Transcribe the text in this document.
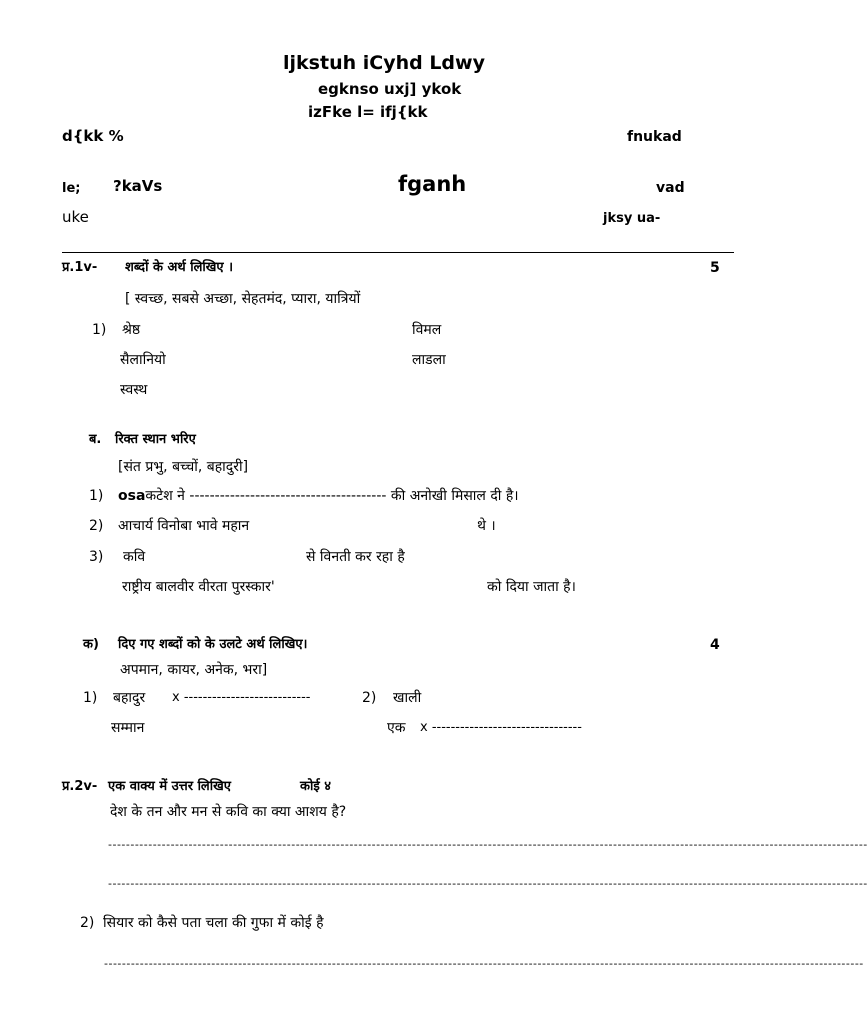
ljkstuh iCyhd Ldwy
egknso uxj] ykok
izFke l= ifj{kk
d{kk %	fnukad
le; ?kaVs	fganh	vad
uke	jksy ua-
प्र.1v- शब्दों के अर्थ लिखिए ।	5
[ स्वच्छ, सबसे अच्छा, सेहतमंद, प्यारा, यात्रियों
1) श्रेष्ठ	विमल
सैलानियो	लाडला
स्वस्थ
ब. रिक्त स्थान भरिए
[संत प्रभु, बच्चों, बहादुरी]
1) osaकटेश ने --------------------------------------- की अनोखी मिसाल दी है।
2) आचार्य विनोबा भावे महान	थे ।
3) कवि	से विनती कर रहा है
राष्ट्रीय बालवीर वीरता पुरस्कार'	को दिया जाता है।
क) दिए गए शब्दों को के उलटे अर्थ लिखिए।	4
अपमान, कायर, अनेक, भरा]
1) बहादुर x ---------------------------	2) खाली
सम्मान	एक x --------------------------------
प्र.2v- एक वाक्य में उत्तर लिखिए	कोई ४
देश के तन और मन से कवि का क्या आशय है?
--------------------------------------------------------------------------------------------------------------------------------------------------------------------------
--------------------------------------------------------------------------------------------------------------------------------------------------------------------------
2) सियार को कैसे पता चला की गुफा में कोई है
--------------------------------------------------------------------------------------------------------------------------------------------------------------------------
